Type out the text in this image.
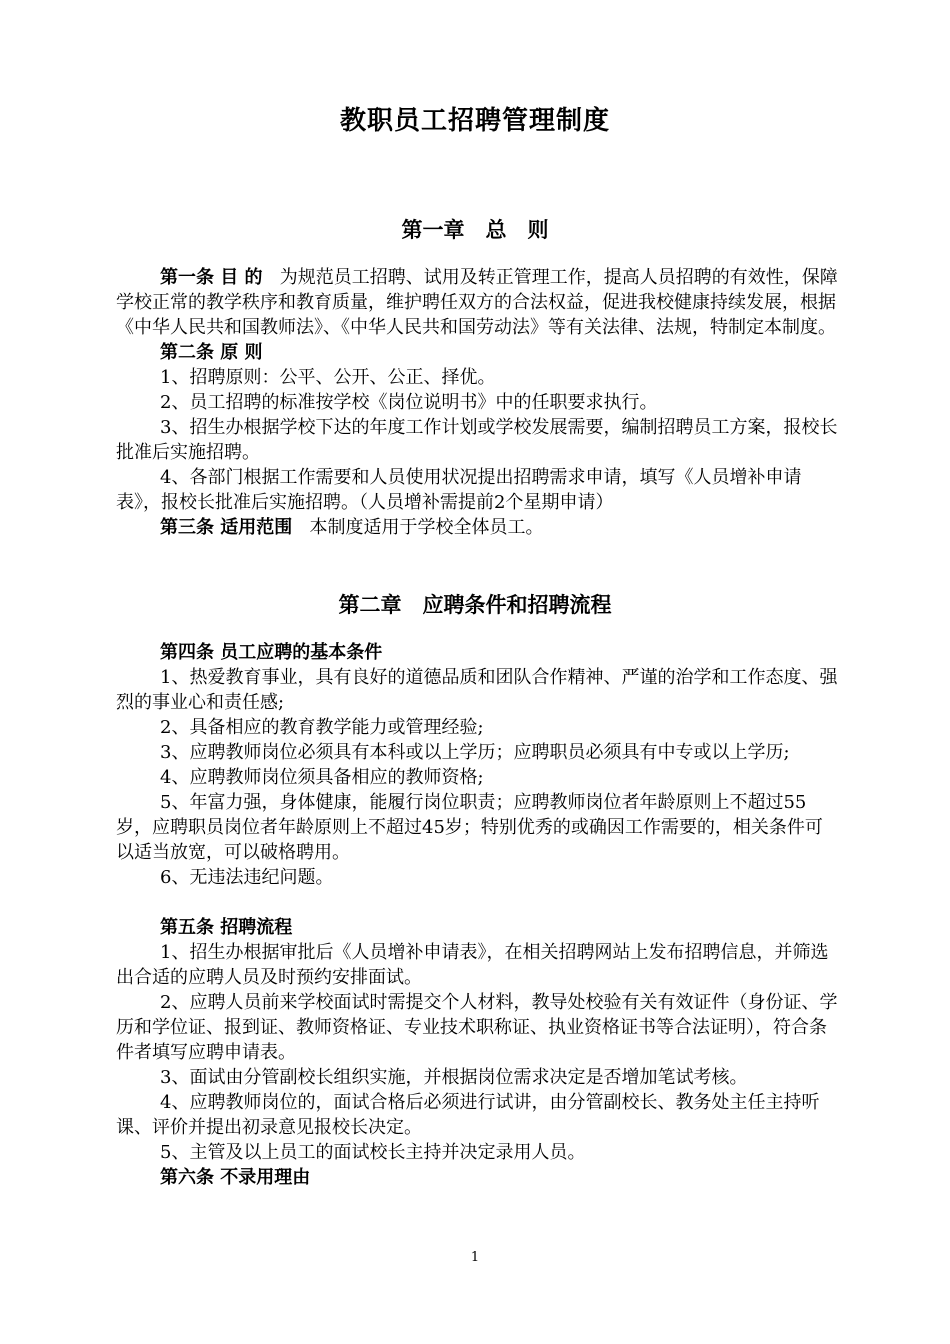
教职员工招聘管理制度
第一章　总　则

第一条 目 的 为规范员工招聘、试用及转正管理工作，提高人员招聘的有效性，保障学校正常的教学秩序和教育质量，维护聘任双方的合法权益，促进我校健康持续发展，根据《中华人民共和国教师法》、《中华人民共和国劳动法》等有关法律、法规，特制定本制度。

第二条 原 则

1、招聘原则：公平、公开、公正、择优。

2、员工招聘的标准按学校《岗位说明书》中的任职要求执行。

3、招生办根据学校下达的年度工作计划或学校发展需要，编制招聘员工方案，报校长批准后实施招聘。

4、各部门根据工作需要和人员使用状况提出招聘需求申请，填写《人员增补申请表》，报校长批准后实施招聘。（人员增补需提前2个星期申请）

第三条 适用范围 本制度适用于学校全体员工。

第二章　应聘条件和招聘流程

第四条 员工应聘的基本条件

1、热爱教育事业，具有良好的道德品质和团队合作精神、严谨的治学和工作态度、强烈的事业心和责任感;

2、具备相应的教育教学能力或管理经验;

3、应聘教师岗位必须具有本科或以上学历；应聘职员必须具有中专或以上学历;

4、应聘教师岗位须具备相应的教师资格;

5、年富力强，身体健康，能履行岗位职责；应聘教师岗位者年龄原则上不超过55岁，应聘职员岗位者年龄原则上不超过45岁；特别优秀的或确因工作需要的，相关条件可以适当放宽，可以破格聘用。

6、无违法违纪问题。

第五条 招聘流程

1、招生办根据审批后《人员增补申请表》，在相关招聘网站上发布招聘信息，并筛选出合适的应聘人员及时预约安排面试。

2、应聘人员前来学校面试时需提交个人材料，教导处校验有关有效证件（身份证、学历和学位证、报到证、教师资格证、专业技术职称证、执业资格证书等合法证明），符合条件者填写应聘申请表。

3、面试由分管副校长组织实施，并根据岗位需求决定是否增加笔试考核。

4、应聘教师岗位的，面试合格后必须进行试讲，由分管副校长、教务处主任主持听课、评价并提出初录意见报校长决定。

5、主管及以上员工的面试校长主持并决定录用人员。

第六条 不录用理由

1
